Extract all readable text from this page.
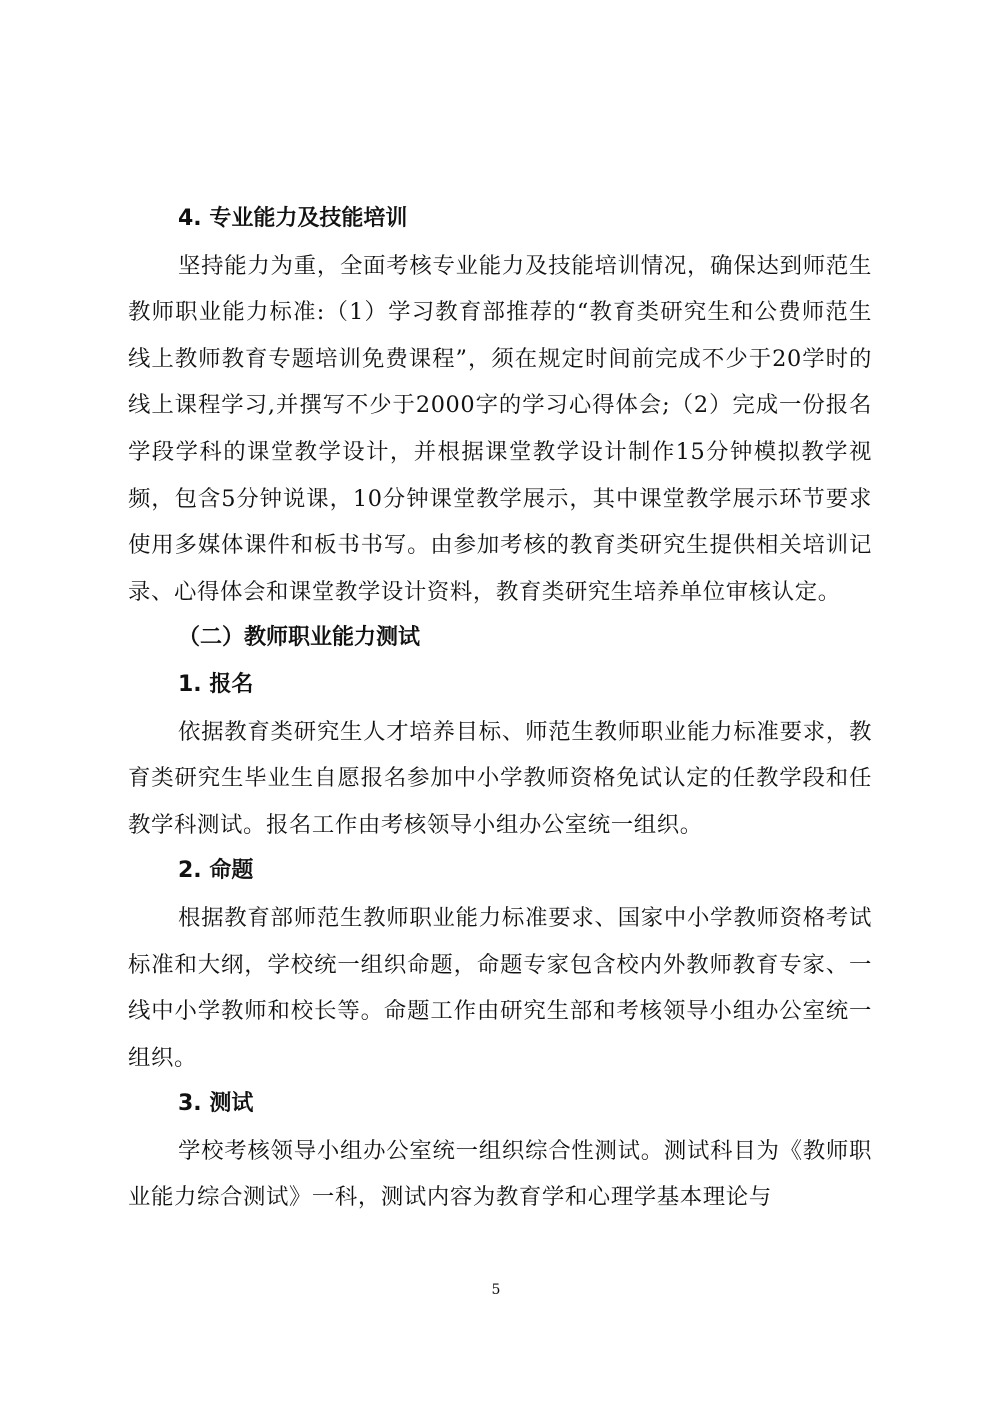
4. 专业能力及技能培训

坚持能力为重，全面考核专业能力及技能培训情况，确保达到师范生教师职业能力标准:（1）学习教育部推荐的“教育类研究生和公费师范生线上教师教育专题培训免费课程”，须在规定时间前完成不少于20学时的线上课程学习,并撰写不少于2000字的学习心得体会;（2）完成一份报名学段学科的课堂教学设计，并根据课堂教学设计制作15分钟模拟教学视频，包含5分钟说课，10分钟课堂教学展示，其中课堂教学展示环节要求使用多媒体课件和板书书写。由参加考核的教育类研究生提供相关培训记录、心得体会和课堂教学设计资料，教育类研究生培养单位审核认定。

（二）教师职业能力测试
1. 报名

依据教育类研究生人才培养目标、师范生教师职业能力标准要求，教育类研究生毕业生自愿报名参加中小学教师资格免试认定的任教学段和任教学科测试。报名工作由考核领导小组办公室统一组织。

2. 命题

根据教育部师范生教师职业能力标准要求、国家中小学教师资格考试标准和大纲，学校统一组织命题，命题专家包含校内外教师教育专家、一线中小学教师和校长等。命题工作由研究生部和考核领导小组办公室统一组织。

3. 测试

学校考核领导小组办公室统一组织综合性测试。测试科目为《教师职业能力综合测试》一科，测试内容为教育学和心理学基本理论与

5
